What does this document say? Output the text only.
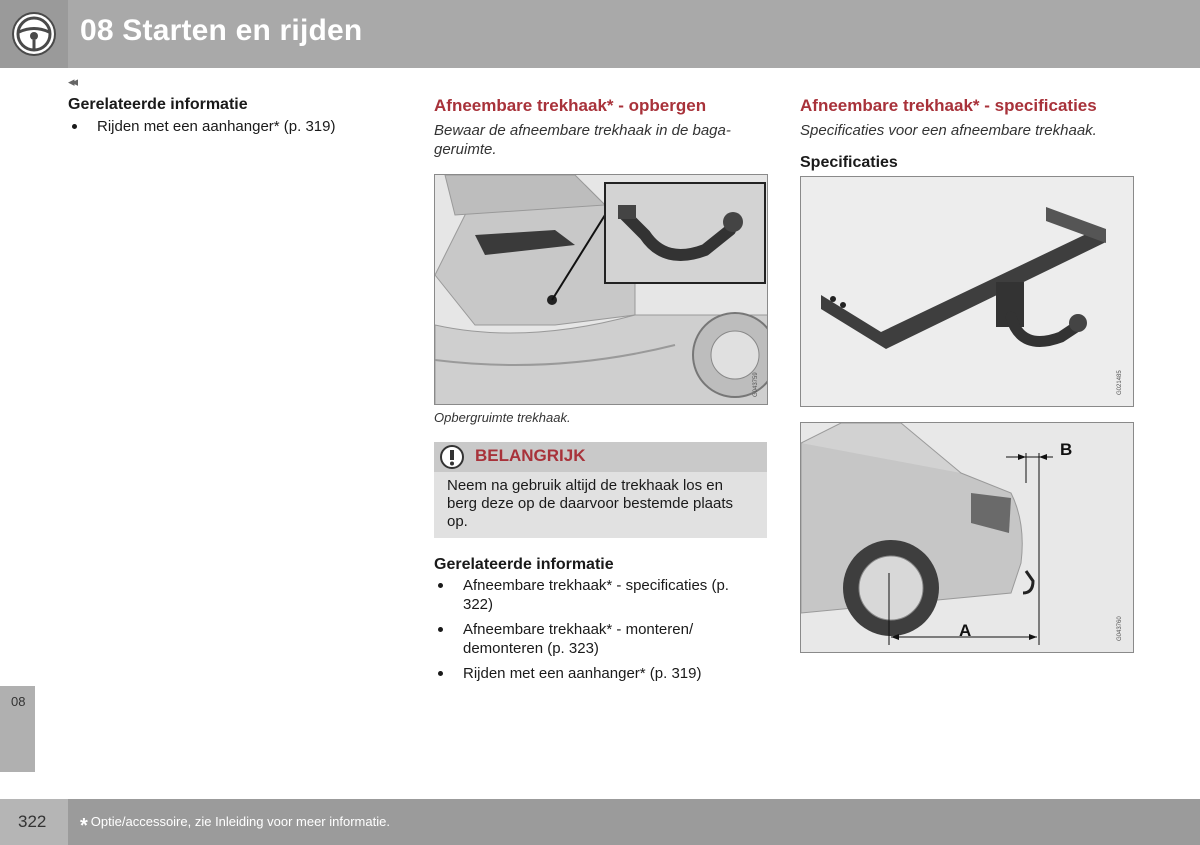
08 Starten en rijden
◂◂
08
Gerelateerde informatie
Rijden met een aanhanger* (p. 319)
Afneembare trekhaak* - opbergen
Bewaar de afneembare trekhaak in de baga-geruimte.
G043759
Opbergruimte trekhaak.
BELANGRIJK
Neem na gebruik altijd de trekhaak los en berg deze op de daarvoor bestemde plaats op.
Gerelateerde informatie
Afneembare trekhaak* - specificaties (p. 322)
Afneembare trekhaak* - monteren/ demonteren (p. 323)
Rijden met een aanhanger* (p. 319)
Afneembare trekhaak* - specificaties
Specificaties voor een afneembare trekhaak.
Specificaties
G021485
A
B
G043760
322 * Optie/accessoire, zie Inleiding voor meer informatie.
